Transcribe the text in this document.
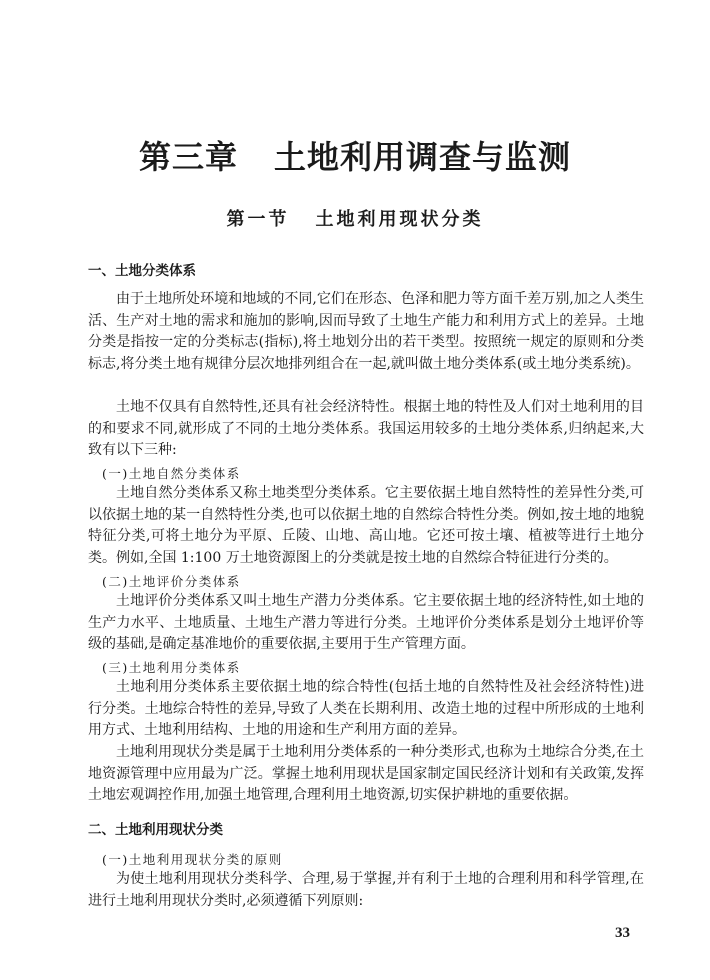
第三章 土地利用调查与监测
第一节 土地利用现状分类
一、土地分类体系

由于土地所处环境和地域的不同,它们在形态、色泽和肥力等方面千差万别,加之人类生活、生产对土地的需求和施加的影响,因而导致了土地生产能力和利用方式上的差异。土地分类是指按一定的分类标志(指标),将土地划分出的若干类型。按照统一规定的原则和分类标志,将分类土地有规律分层次地排列组合在一起,就叫做土地分类体系(或土地分类系统)。

土地不仅具有自然特性,还具有社会经济特性。根据土地的特性及人们对土地利用的目的和要求不同,就形成了不同的土地分类体系。我国运用较多的土地分类体系,归纳起来,大致有以下三种:

(一)土地自然分类体系

土地自然分类体系又称土地类型分类体系。它主要依据土地自然特性的差异性分类,可以依据土地的某一自然特性分类,也可以依据土地的自然综合特性分类。例如,按土地的地貌特征分类,可将土地分为平原、丘陵、山地、高山地。它还可按土壤、植被等进行土地分类。例如,全国 1:100 万土地资源图上的分类就是按土地的自然综合特征进行分类的。

(二)土地评价分类体系

土地评价分类体系又叫土地生产潜力分类体系。它主要依据土地的经济特性,如土地的生产力水平、土地质量、土地生产潜力等进行分类。土地评价分类体系是划分土地评价等级的基础,是确定基准地价的重要依据,主要用于生产管理方面。

(三)土地利用分类体系

土地利用分类体系主要依据土地的综合特性(包括土地的自然特性及社会经济特性)进行分类。土地综合特性的差异,导致了人类在长期利用、改造土地的过程中所形成的土地利用方式、土地利用结构、土地的用途和生产利用方面的差异。

土地利用现状分类是属于土地利用分类体系的一种分类形式,也称为土地综合分类,在土地资源管理中应用最为广泛。掌握土地利用现状是国家制定国民经济计划和有关政策,发挥土地宏观调控作用,加强土地管理,合理利用土地资源,切实保护耕地的重要依据。

二、土地利用现状分类
(一)土地利用现状分类的原则

为使土地利用现状分类科学、合理,易于掌握,并有利于土地的合理利用和科学管理,在进行土地利用现状分类时,必须遵循下列原则:

33
